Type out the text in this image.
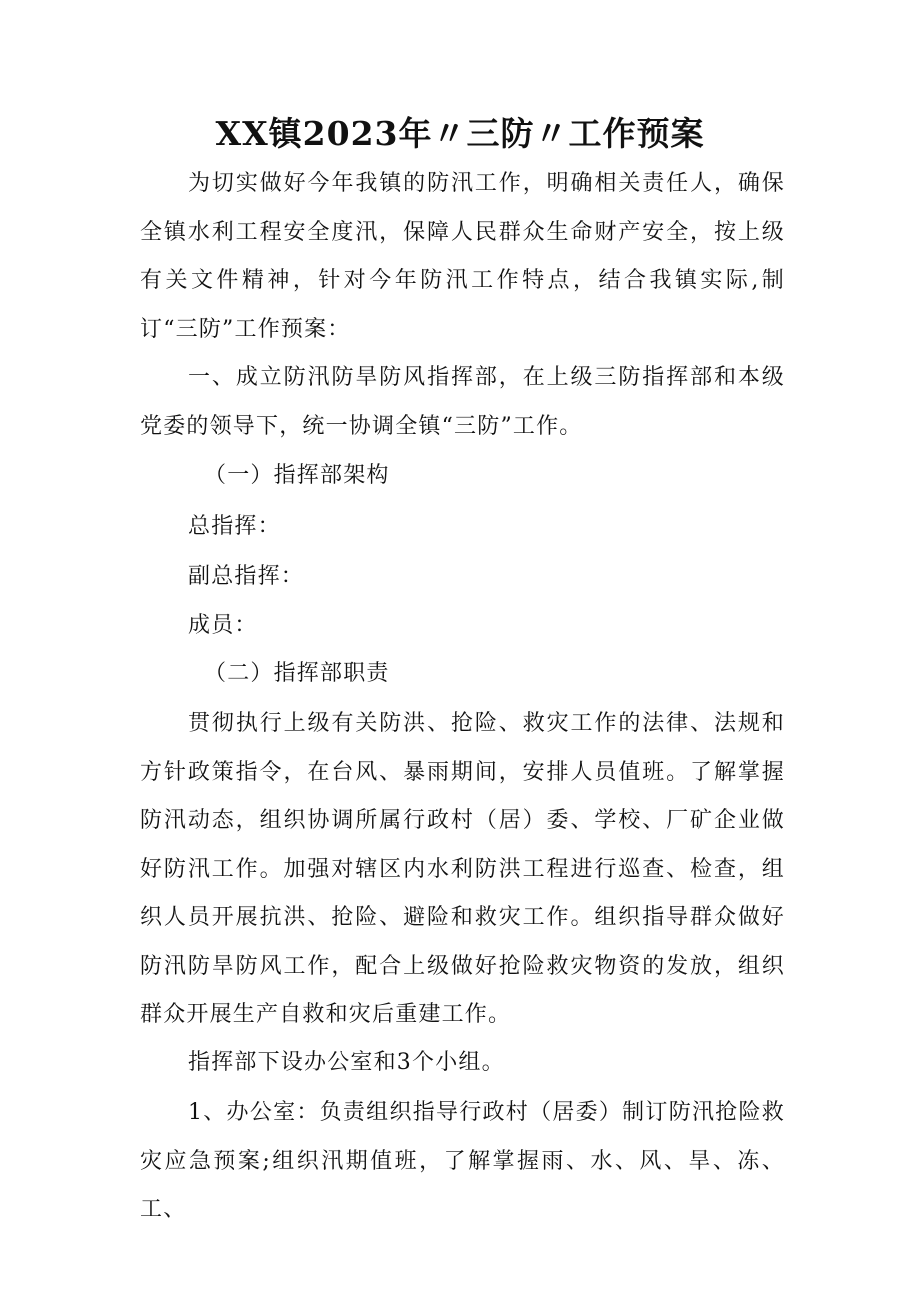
XX镇2023年〃三防〃工作预案
为切实做好今年我镇的防汛工作，明确相关责任人，确保全镇水利工程安全度汛，保障人民群众生命财产安全，按上级有关文件精神，针对今年防汛工作特点，结合我镇实际,制订“三防”工作预案：
一、成立防汛防旱防风指挥部，在上级三防指挥部和本级党委的领导下，统一协调全镇“三防”工作。
（一）指挥部架构
总指挥：
副总指挥：
成员：
（二）指挥部职责
贯彻执行上级有关防洪、抢险、救灾工作的法律、法规和方针政策指令，在台风、暴雨期间，安排人员值班。了解掌握防汛动态，组织协调所属行政村（居）委、学校、厂矿企业做好防汛工作。加强对辖区内水利防洪工程进行巡查、检查，组织人员开展抗洪、抢险、避险和救灾工作。组织指导群众做好防汛防旱防风工作，配合上级做好抢险救灾物资的发放，组织群众开展生产自救和灾后重建工作。
指挥部下设办公室和3个小组。
1、办公室：负责组织指导行政村（居委）制订防汛抢险救灾应急预案;组织汛期值班，了解掌握雨、水、风、旱、冻、工、
